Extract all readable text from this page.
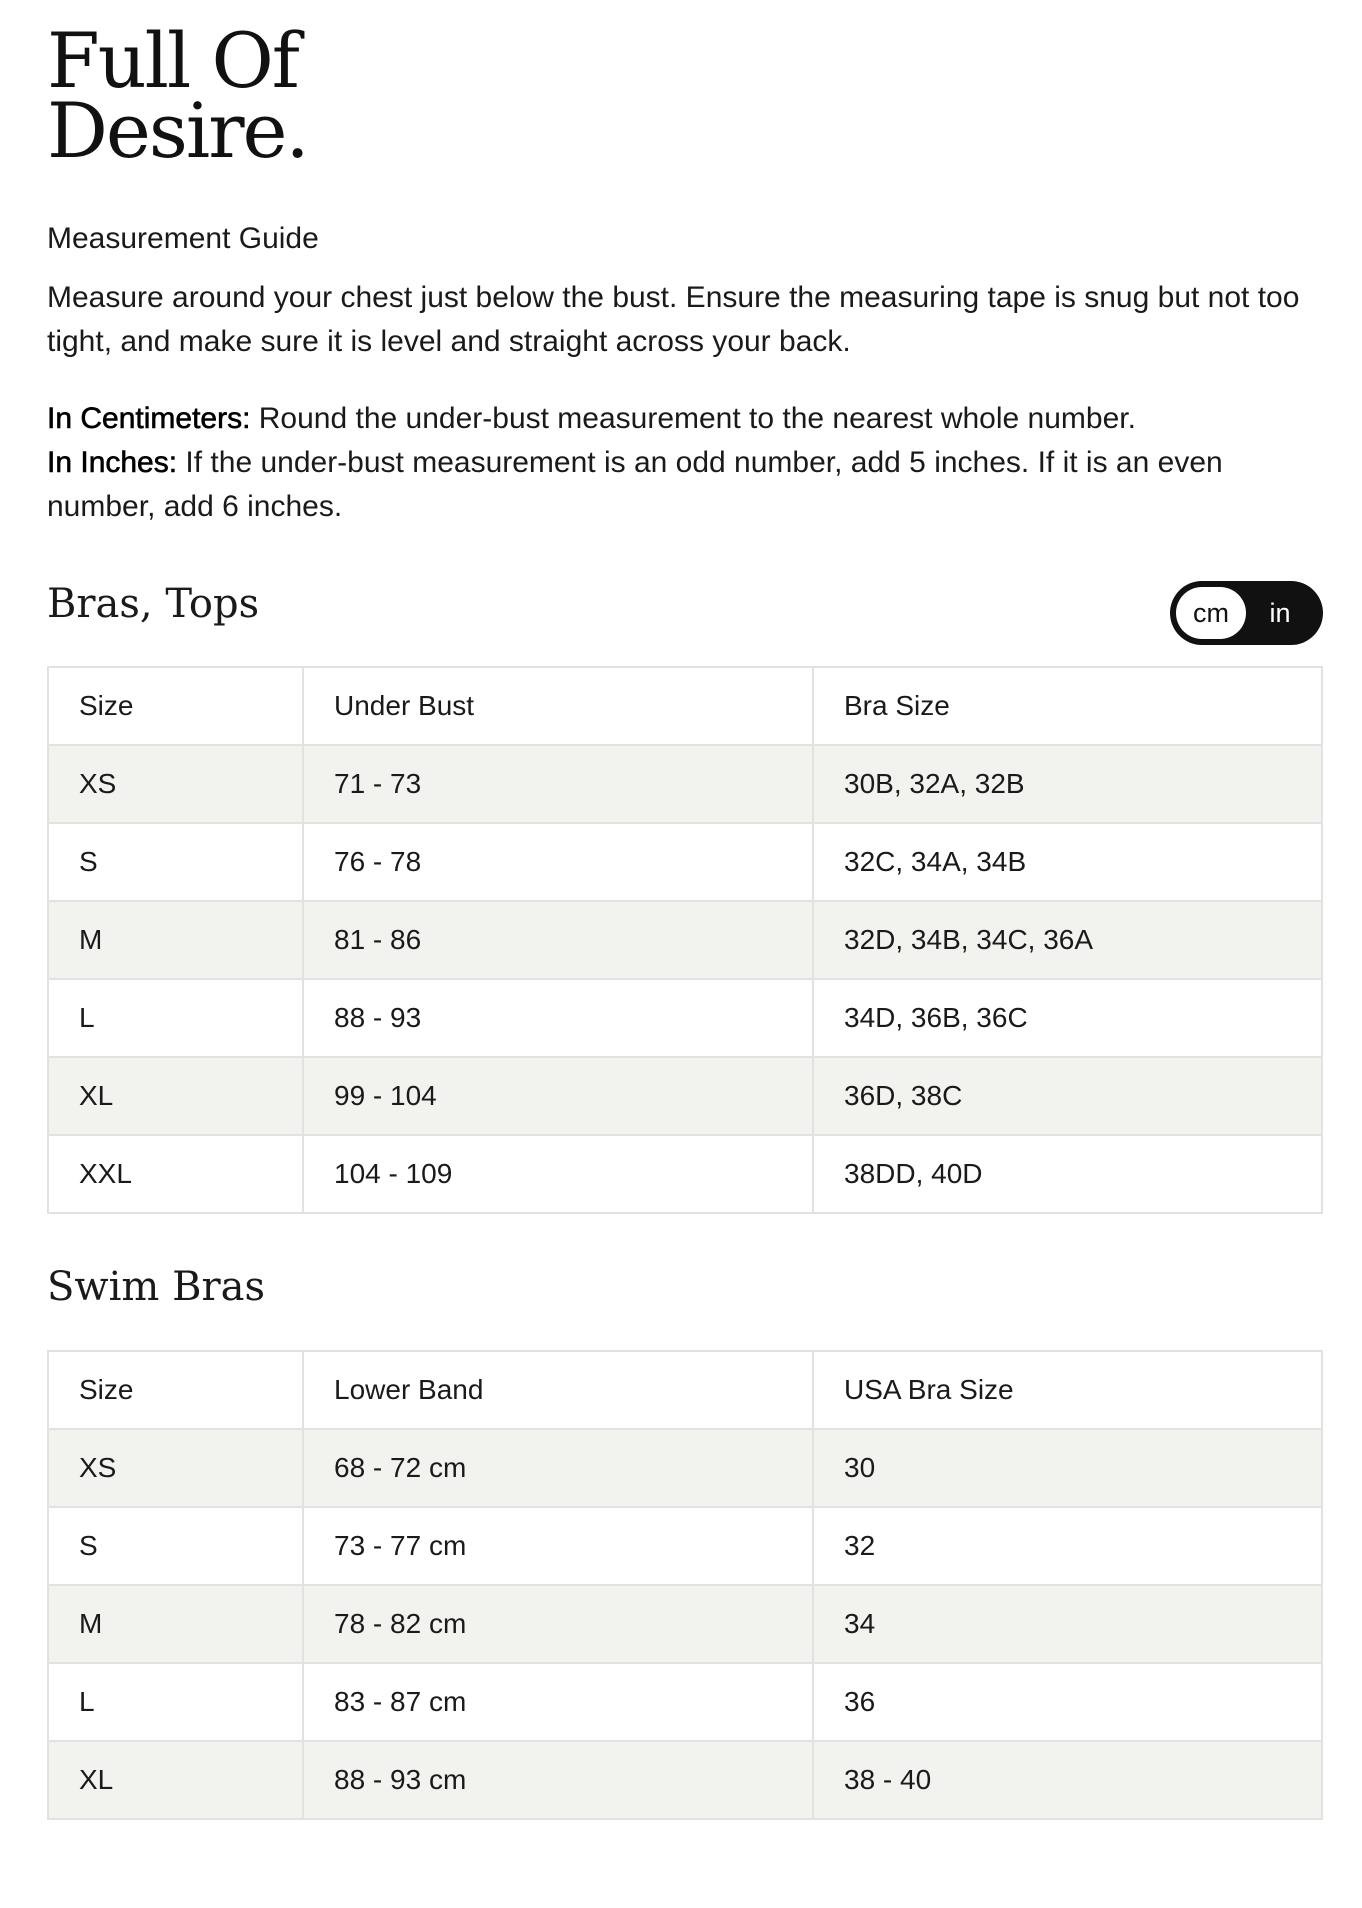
Full Of
Desire.
Measurement Guide
Measure around your chest just below the bust. Ensure the measuring tape is snug but not too tight, and make sure it is level and straight across your back.
In Centimeters: Round the under-bust measurement to the nearest whole number.
In Inches: If the under-bust measurement is an odd number, add 5 inches. If it is an even number, add 6 inches.
Bras, Tops	cm	in
Size	Under Bust	Bra Size
XS	71 - 73	30B, 32A, 32B
S	76 - 78	32C, 34A, 34B
M	81 - 86	32D, 34B, 34C, 36A
L	88 - 93	34D, 36B, 36C
XL	99 - 104	36D, 38C
XXL	104 - 109	38DD, 40D
Swim Bras
Size	Lower Band	USA Bra Size
XS	68 - 72 cm	30
S	73 - 77 cm	32
M	78 - 82 cm	34
L	83 - 87 cm	36
XL	88 - 93 cm	38 - 40
